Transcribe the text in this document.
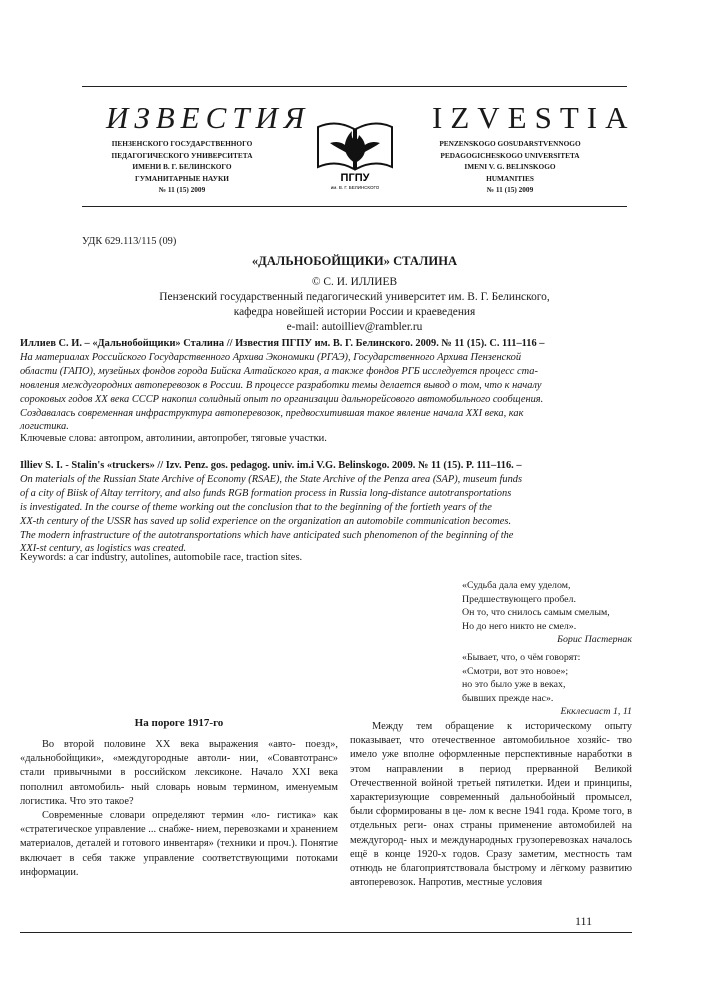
ИЗВЕСТИЯ
ПЕНЗЕНСКОГО ГОСУДАРСТВЕННОГО
ПЕДАГОГИЧЕСКОГО УНИВЕРСИТЕТА
ИМЕНИ В. Г. БЕЛИНСКОГО
ГУМАНИТАРНЫЕ НАУКИ
№ 11 (15) 2009
ПГПУ
им. В. Г. БЕЛИНСКОГО
IZVESTIA
PENZENSKOGO GOSUDARSTVENNOGO
PEDAGOGICHESKOGO UNIVERSITETA
IMENI V. G. BELINSKOGO
HUMANITIES
№ 11 (15) 2009
УДК 629.113/115 (09)
«ДАЛЬНОБОЙЩИКИ» СТАЛИНА
© С. И. ИЛЛИЕВ
Пензенский государственный педагогический университет им. В. Г. Белинского,
кафедра новейшей истории России и краеведения
e-mail: autoilliev@rambler.ru
Иллиев С. И. – «Дальнобойщики» Сталина // Известия ПГПУ им. В. Г. Белинского. 2009. № 11 (15). С. 111–116 –
На материалах Российского Государственного Архива Экономики (РГАЭ), Государственного Архива Пензенской
области (ГАПО), музейных фондов города Бийска Алтайского края, а также фондов РГБ исследуется процесс ста-
новления междугородних автоперевозок в России. В процессе разработки темы делается вывод о том, что к началу
сороковых годов XX века СССР накопил солидный опыт по организации дальнорейсового автомобильного сообщения.
Создавалась современная инфраструктура автоперевозок, предвосхитившая такое явление начала XXI века, как
логистика.
Ключевые слова: автопром, автолинии, автопробег, тяговые участки.
Illiev S. I. - Stalin's «truckers» // Izv. Penz. gos. pedagog. univ. im.i V.G. Belinskogo. 2009. № 11 (15). P. 111–116. –
On materials of the Russian State Archive of Economy (RSAE), the State Archive of the Penza area (SAP), museum funds
of a city of Biisk of Altay territory, and also funds RGB formation process in Russia long-distance autotransportations
is investigated. In the course of theme working out the conclusion that to the beginning of the fortieth years of the
XX-th century of the USSR has saved up solid experience on the organization an automobile communication becomes.
The modern infrastructure of the autotransportations which have anticipated such phenomenon of the beginning of the
XXI-st century, as logistics was created.
Keywords: a car industry, autolines, automobile race, traction sites.
«Судьба дала ему уделом,
Предшествующего пробел.
Он то, что снилось самым смелым,
Но до него никто не смел».
Борис Пастернак
«Бывает, что, о чём говорят:
«Смотри, вот это новое»;
но это было уже в веках,
бывших прежде нас».
Екклесиаст 1, 11
На пороге 1917-го

Во второй половине XX века выражения «авто- поезд», «дальнобойщики», «междугородные автоли- нии, «Совавтотранс» стали привычными в российском лексиконе. Начало XXI века пополнил автомобиль- ный словарь новым термином, именуемым логистика. Что это такое?

Современные словари определяют термин «ло- гистика» как «стратегическое управление ... снабже- нием, перевозками и хранением материалов, деталей и готового инвентаря» (техники и проч.). Понятие включает в себя также управление соответствующими потоками информации.

Между тем обращение к историческому опыту показывает, что отечественное автомобильное хозяйс- тво имело уже вполне оформленные перспективные наработки в этом направлении в период прерванной Великой Отечественной войной третьей пятилетки. Идеи и принципы, характеризующие современный дальнобойный промысел, были сформированы в це- лом к весне 1941 года. Кроме того, в отдельных реги- онах страны применение автомобилей на междугород- ных и международных грузоперевозках началось ещё в конце 1920-х годов. Сразу заметим, местность там отнюдь не благоприятствовала быстрому и лёгкому развитию автоперевозок. Напротив, местные условия

111
